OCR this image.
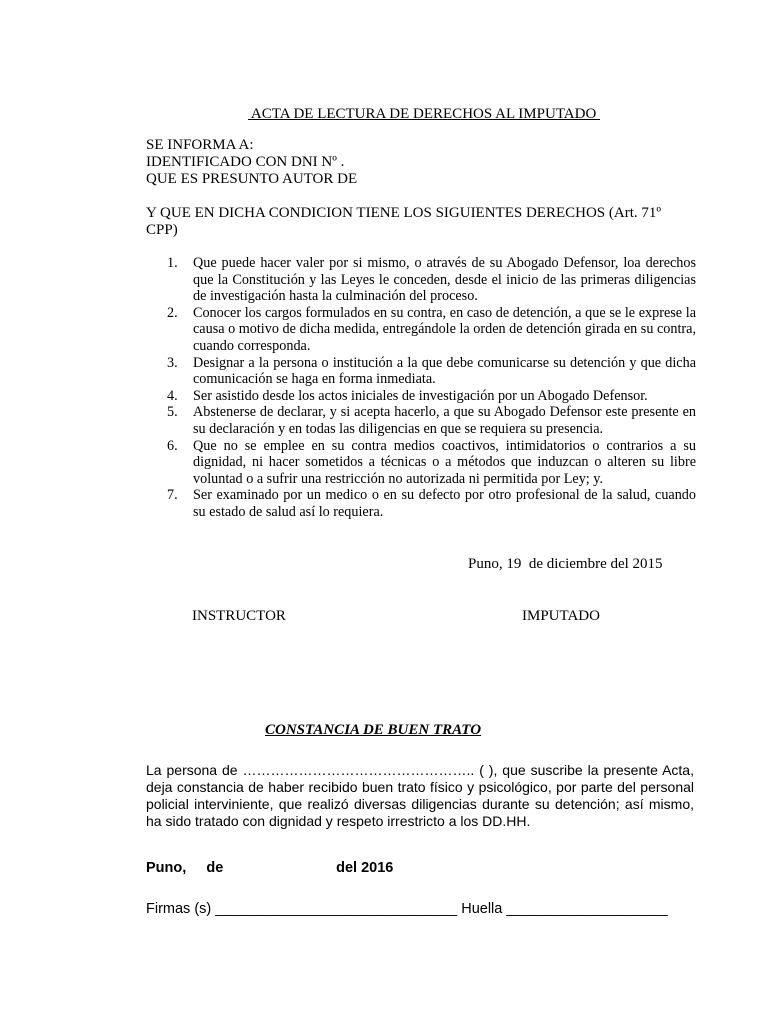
ACTA DE LECTURA DE DERECHOS AL IMPUTADO
SE INFORMA A:
IDENTIFICADO CON DNI Nº .
QUE ES PRESUNTO AUTOR DE
Y QUE EN DICHA CONDICION TIENE LOS SIGUIENTES DERECHOS (Art. 71º CPP)
1.	Que puede hacer valer por si mismo, o através de su Abogado Defensor, loa derechos que la Constitución y las Leyes le conceden, desde el inicio de las primeras diligencias de investigación hasta la culminación del proceso.
2.	Conocer los cargos formulados en su contra, en caso de detención, a que se le exprese la causa o motivo de dicha medida, entregándole la orden de detención girada en su contra, cuando corresponda.
3.	Designar a la persona o institución a la que debe comunicarse su detención y que dicha comunicación se haga en forma inmediata.
4.	Ser asistido desde los actos iniciales de investigación por un Abogado Defensor.
5.	Abstenerse de declarar, y si acepta hacerlo, a que su Abogado Defensor este presente en su declaración y en todas las diligencias en que se requiera su presencia.
6.	Que no se emplee en su contra medios coactivos, intimidatorios o contrarios a su dignidad, ni hacer sometidos a técnicas o a métodos que induzcan o alteren su libre voluntad o a sufrir una restricción no autorizada ni permitida por Ley; y.
7.	Ser examinado por un medico o en su defecto por otro profesional de la salud, cuando su estado de salud así lo requiera.
Puno, 19  de diciembre del 2015
INSTRUCTOR	IMPUTADO
CONSTANCIA DE BUEN TRATO
La persona de ………………………………………….. ( ), que suscribe la presente Acta, deja constancia de haber recibido buen trato físico y psicológico, por parte del personal policial interviniente, que realizó diversas diligencias durante su detención; así mismo, ha sido tratado con dignidad y respeto irrestricto a los DD.HH.
Puno,     de                            del 2016
Firmas (s) ______________________________ Huella ____________________
